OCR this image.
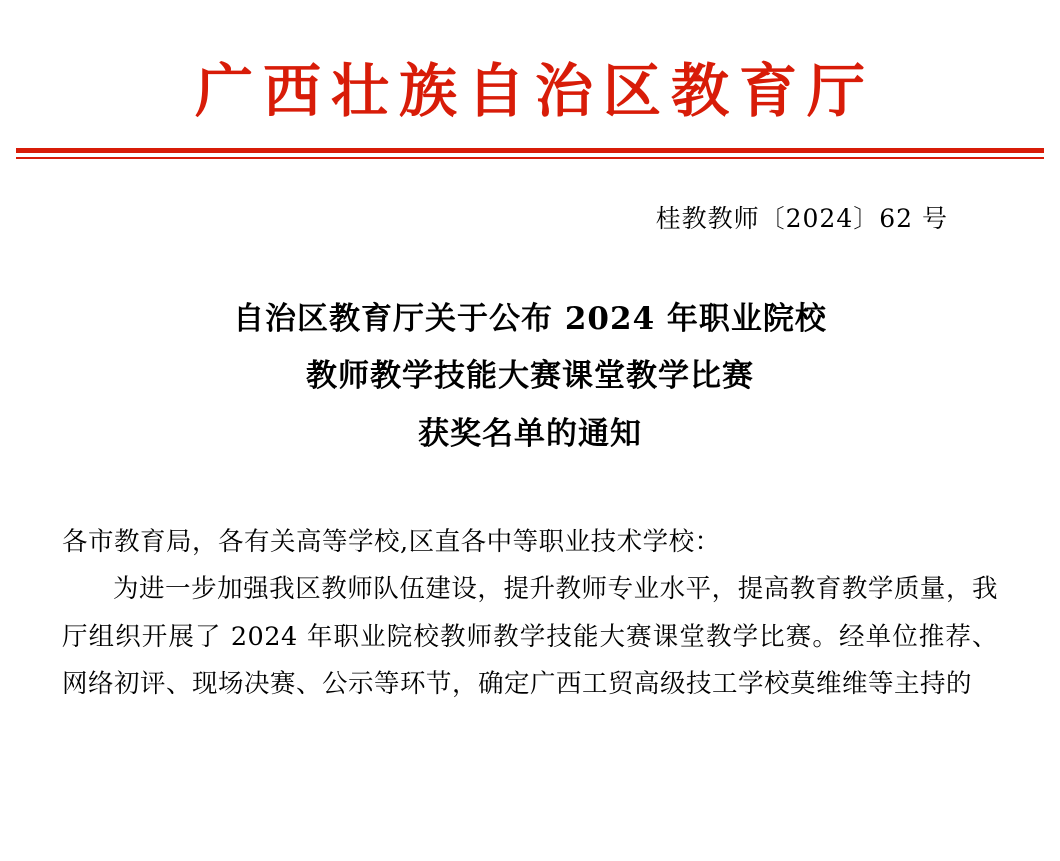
广西壮族自治区教育厅
桂教教师〔2024〕62 号
自治区教育厅关于公布 2024 年职业院校
教师教学技能大赛课堂教学比赛
获奖名单的通知
各市教育局，各有关高等学校,区直各中等职业技术学校：
为进一步加强我区教师队伍建设，提升教师专业水平，提高教育教学质量，我厅组织开展了 2024 年职业院校教师教学技能大赛课堂教学比赛。经单位推荐、网络初评、现场决赛、公示等环节，确定广西工贸高级技工学校莫维维等主持的
